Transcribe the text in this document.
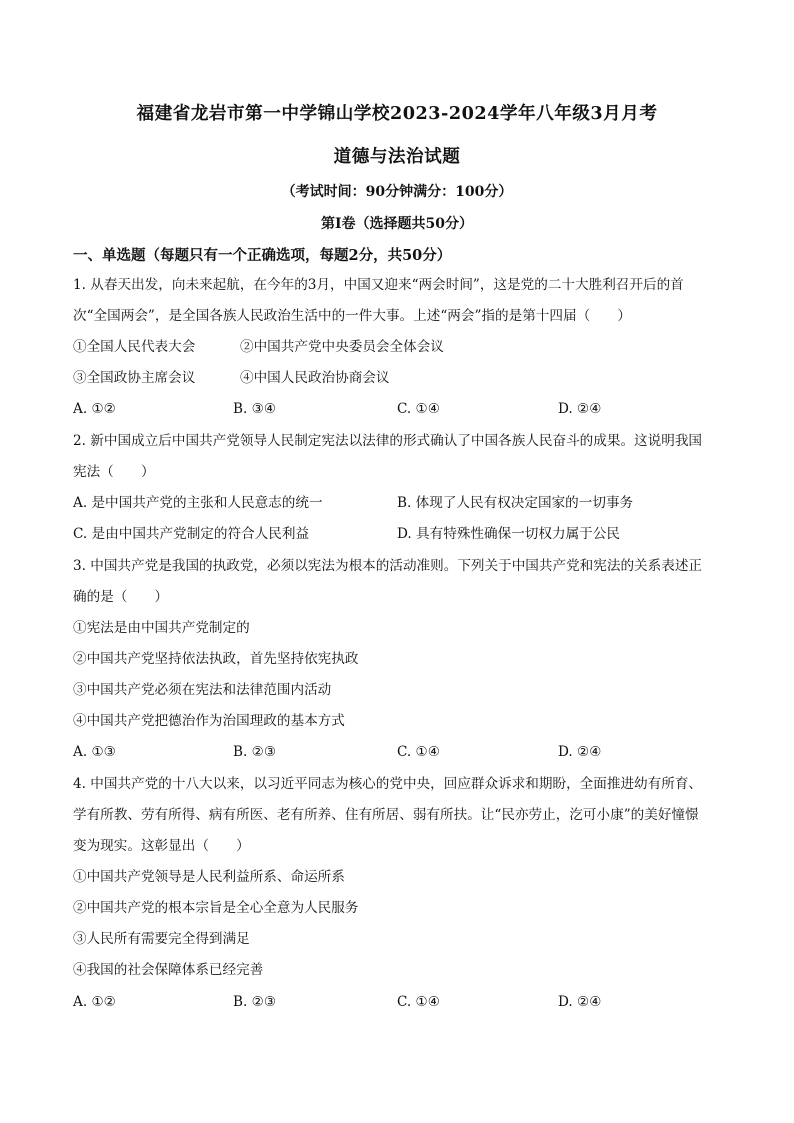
福建省龙岩市第一中学锦山学校2023-2024学年八年级3月月考
道德与法治试题
（考试时间：90分钟满分：100分）
第Ⅰ卷（选择题共50分）
一、单选题（每题只有一个正确选项，每题2分，共50分）
1. 从春天出发，向未来起航，在今年的3月，中国又迎来“两会时间”，这是党的二十大胜利召开后的首
次“全国两会”，是全国各族人民政治生活中的一件大事。上述“两会”指的是第十四届（　　）
①全国人民代表大会	②中国共产党中央委员会全体会议
③全国政协主席会议	④中国人民政治协商会议
A. ①②	B. ③④	C. ①④	D. ②④
2. 新中国成立后中国共产党领导人民制定宪法以法律的形式确认了中国各族人民奋斗的成果。这说明我国
宪法（　　）
A. 是中国共产党的主张和人民意志的统一	B. 体现了人民有权决定国家的一切事务
C. 是由中国共产党制定的符合人民利益	D. 具有特殊性确保一切权力属于公民
3. 中国共产党是我国的执政党，必须以宪法为根本的活动准则。下列关于中国共产党和宪法的关系表述正
确的是（　　）
①宪法是由中国共产党制定的
②中国共产党坚持依法执政，首先坚持依宪执政
③中国共产党必须在宪法和法律范围内活动
④中国共产党把德治作为治国理政的基本方式
A. ①③	B. ②③	C. ①④	D. ②④
4. 中国共产党的十八大以来，以习近平同志为核心的党中央，回应群众诉求和期盼，全面推进幼有所育、
学有所教、劳有所得、病有所医、老有所养、住有所居、弱有所扶。让“民亦劳止，汔可小康”的美好憧憬
变为现实。这彰显出（　　）
①中国共产党领导是人民利益所系、命运所系
②中国共产党的根本宗旨是全心全意为人民服务
③人民所有需要完全得到满足
④我国的社会保障体系已经完善
A. ①②	B. ②③	C. ①④	D. ②④
